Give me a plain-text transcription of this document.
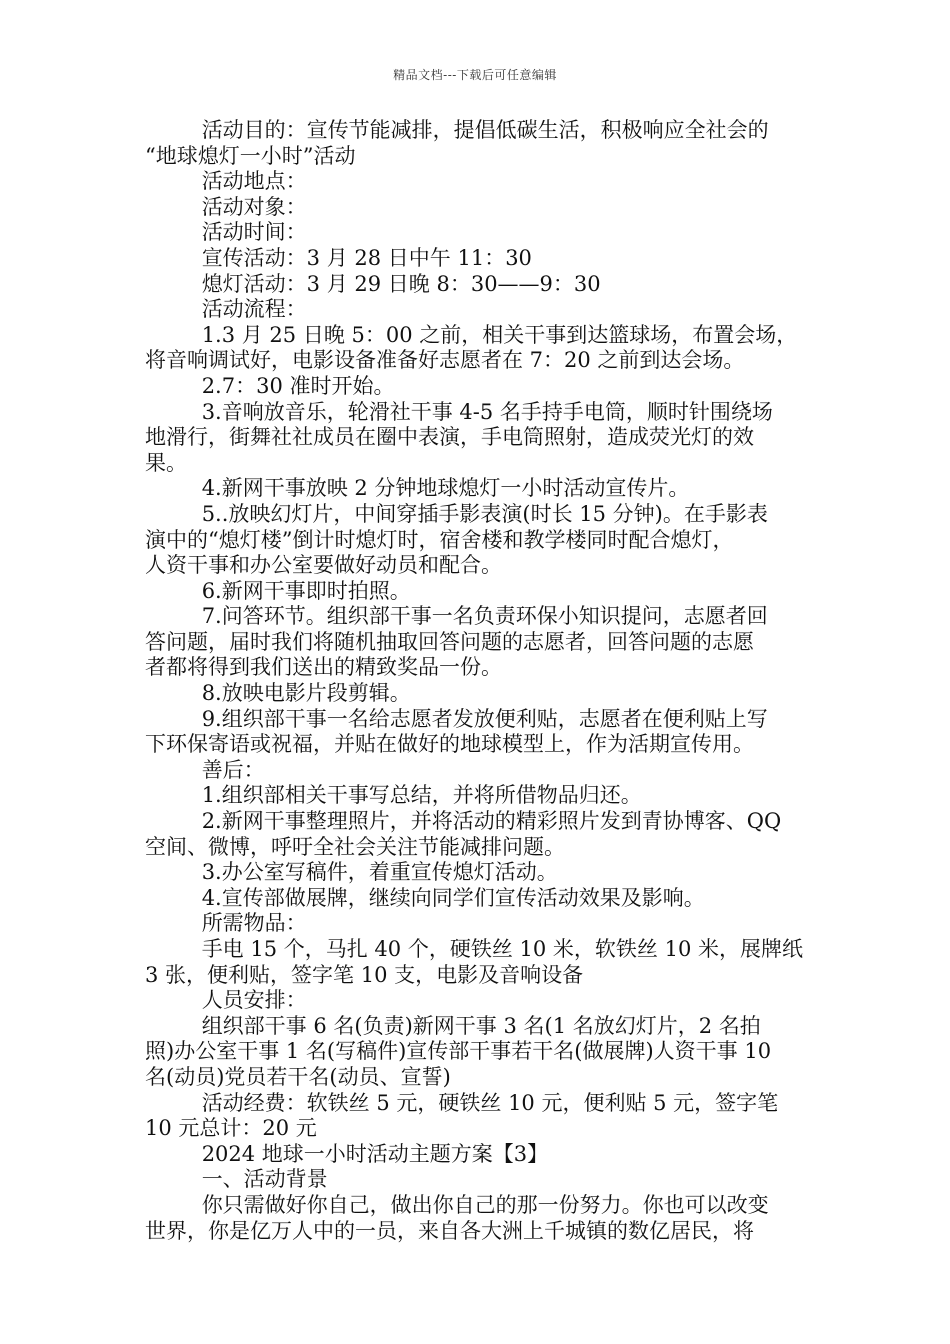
精品文档---下载后可任意编辑
活动目的：宣传节能减排，提倡低碳生活，积极响应全社会的
“地球熄灯一小时”活动
活动地点：
活动对象：
活动时间：
宣传活动：3 月 28 日中午 11：30
熄灯活动：3 月 29 日晚 8：30——9：30
活动流程：
1.3 月 25 日晚 5：00 之前，相关干事到达篮球场，布置会场，
将音响调试好，电影设备准备好志愿者在 7：20 之前到达会场。
2.7：30 准时开始。
3.音响放音乐，轮滑社干事 4-5 名手持手电筒，顺时针围绕场
地滑行，街舞社社成员在圈中表演，手电筒照射，造成荧光灯的效
果。
4.新网干事放映 2 分钟地球熄灯一小时活动宣传片。
5..放映幻灯片，中间穿插手影表演(时长 15 分钟)。在手影表
演中的“熄灯楼”倒计时熄灯时，宿舍楼和教学楼同时配合熄灯，
人资干事和办公室要做好动员和配合。
6.新网干事即时拍照。
7.问答环节。组织部干事一名负责环保小知识提问，志愿者回
答问题，届时我们将随机抽取回答问题的志愿者，回答问题的志愿
者都将得到我们送出的精致奖品一份。
8.放映电影片段剪辑。
9.组织部干事一名给志愿者发放便利贴，志愿者在便利贴上写
下环保寄语或祝福，并贴在做好的地球模型上，作为活期宣传用。
善后：
1.组织部相关干事写总结，并将所借物品归还。
2.新网干事整理照片，并将活动的精彩照片发到青协博客、QQ
空间、微博，呼吁全社会关注节能减排问题。
3.办公室写稿件，着重宣传熄灯活动。
4.宣传部做展牌，继续向同学们宣传活动效果及影响。
所需物品：
手电 15 个，马扎 40 个，硬铁丝 10 米，软铁丝 10 米，展牌纸
3 张，便利贴，签字笔 10 支，电影及音响设备
人员安排：
组织部干事 6 名(负责)新网干事 3 名(1 名放幻灯片，2 名拍
照)办公室干事 1 名(写稿件)宣传部干事若干名(做展牌)人资干事 10
名(动员)党员若干名(动员、宣誓)
活动经费：软铁丝 5 元，硬铁丝 10 元，便利贴 5 元，签字笔
10 元总计：20 元
2024 地球一小时活动主题方案【3】
一、活动背景
你只需做好你自己，做出你自己的那一份努力。你也可以改变
世界，你是亿万人中的一员，来自各大洲上千城镇的数亿居民，将
